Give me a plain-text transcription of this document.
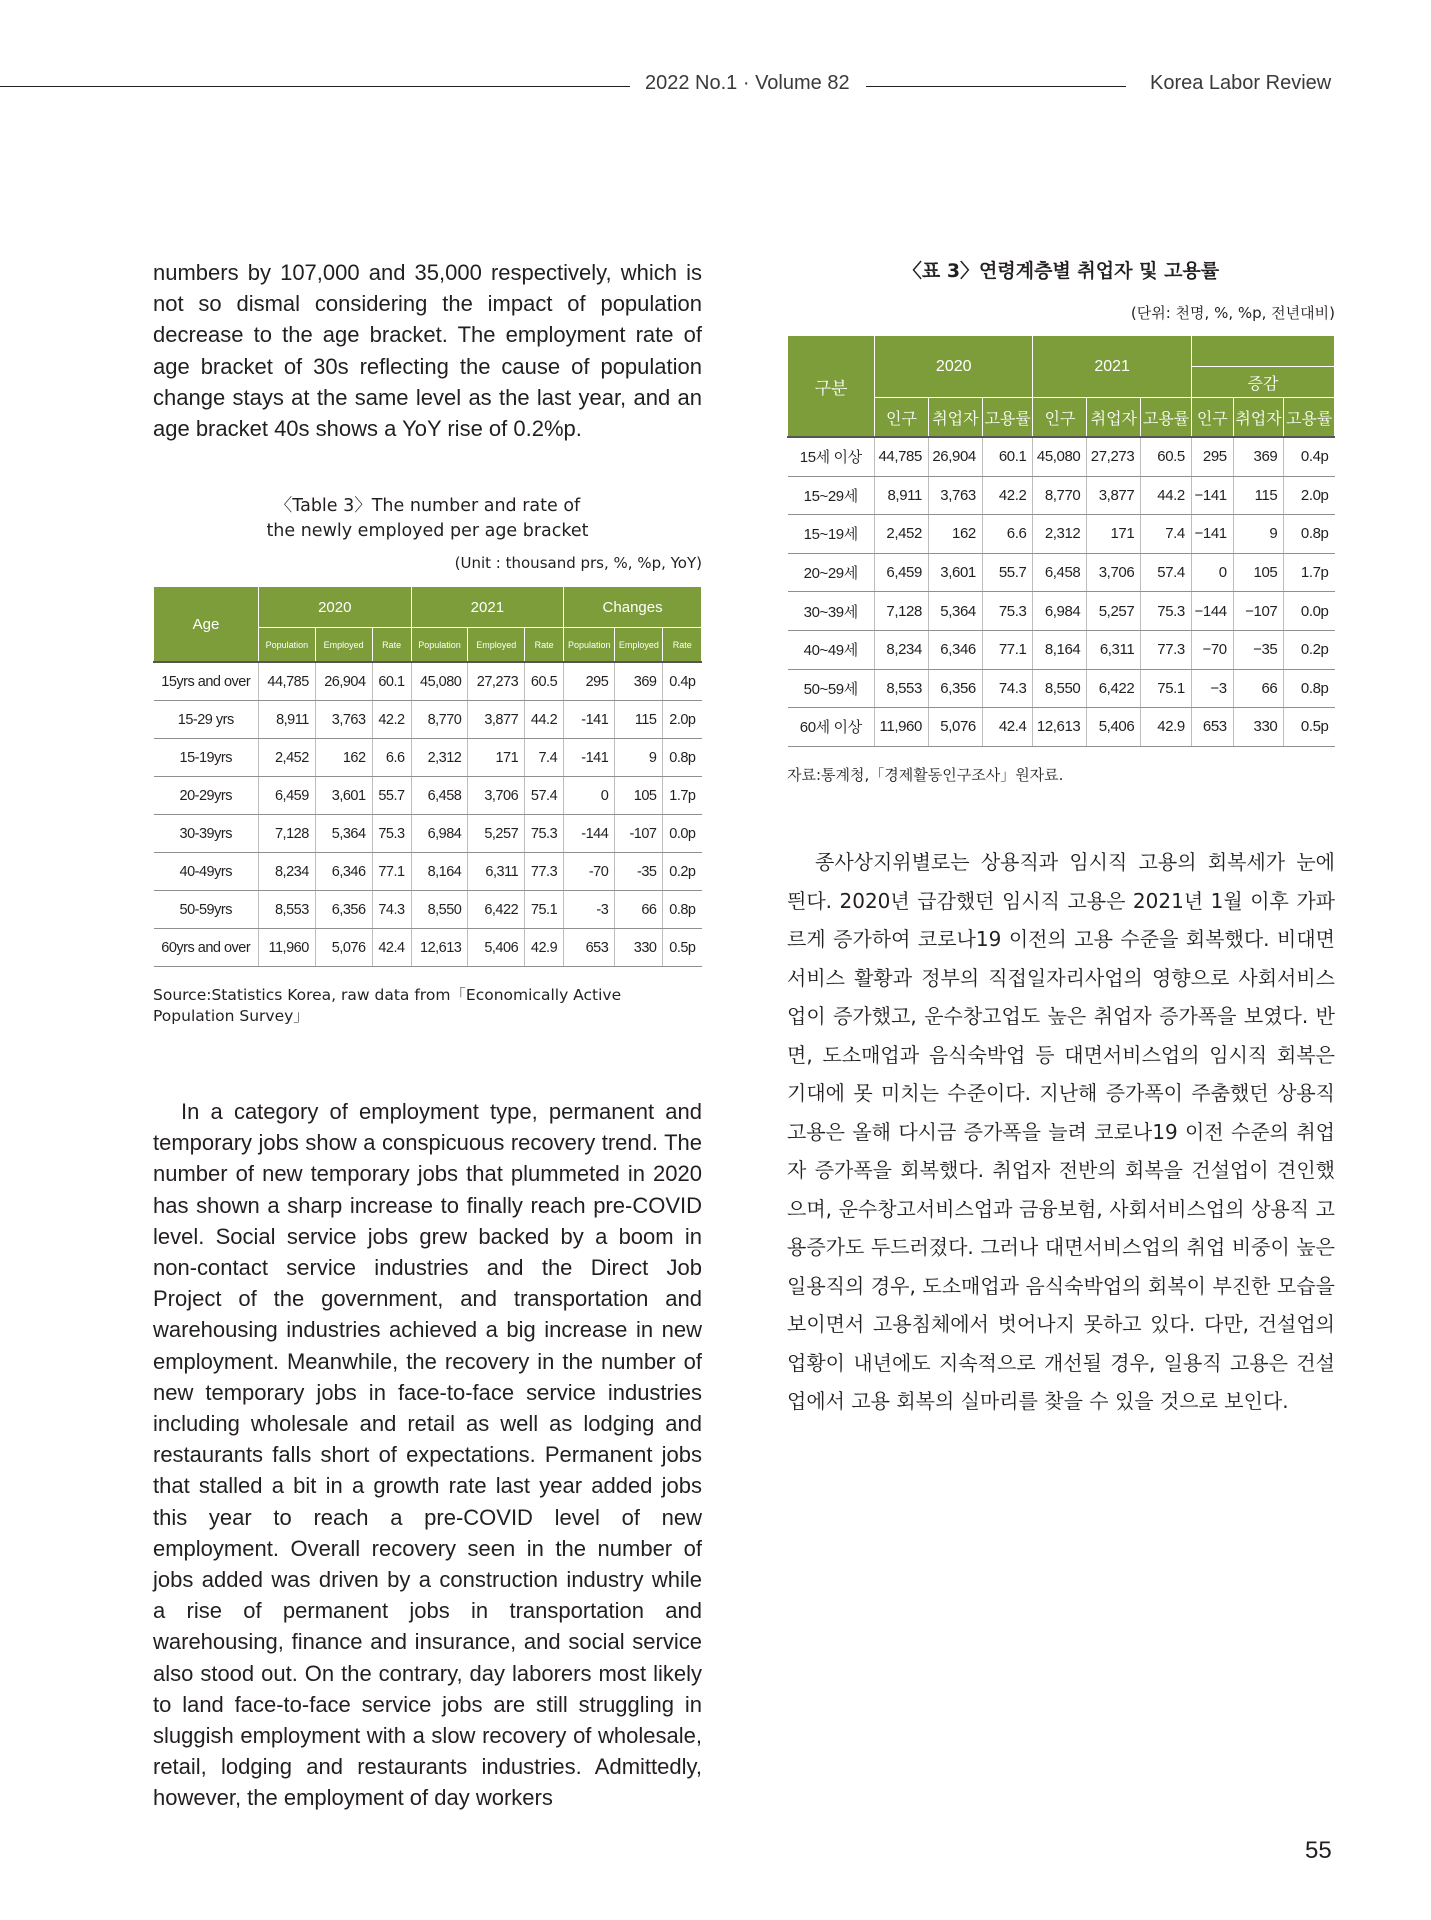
2022 No.1 · Volume 82	Korea Labor Review

numbers by 107,000 and 35,000 respectively, which is not so dismal considering the impact of population decrease to the age bracket. The employment rate of age bracket of 30s reflecting the cause of population change stays at the same level as the last year, and an age bracket 40s shows a YoY rise of 0.2%p.

〈Table 3〉The number and rate of
the newly employed per age bracket
(Unit : thousand prs, %, %p, YoY)
Age	2020			2021			Changes		
	Population	Employed	Rate	Population	Employed	Rate	Population	Employed	Rate
15yrs and over	44,785	26,904	60.1	45,080	27,273	60.5	295	369	0.4p
15-29 yrs	8,911	3,763	42.2	8,770	3,877	44.2	-141	115	2.0p
15-19yrs	2,452	162	6.6	2,312	171	7.4	-141	9	0.8p
20-29yrs	6,459	3,601	55.7	6,458	3,706	57.4	0	105	1.7p
30-39yrs	7,128	5,364	75.3	6,984	5,257	75.3	-144	-107	0.0p
40-49yrs	8,234	6,346	77.1	8,164	6,311	77.3	-70	-35	0.2p
50-59yrs	8,553	6,356	74.3	8,550	6,422	75.1	-3	66	0.8p
60yrs and over	11,960	5,076	42.4	12,613	5,406	42.9	653	330	0.5p
Source:Statistics Korea, raw data from「Economically Active Population Survey」

In a category of employment type, permanent and temporary jobs show a conspicuous recovery trend. The number of new temporary jobs that plummeted in 2020 has shown a sharp increase to finally reach pre-COVID level. Social service jobs grew backed by a boom in non-contact service industries and the Direct Job Project of the government, and transportation and warehousing industries achieved a big increase in new employment. Meanwhile, the recovery in the number of new temporary jobs in face-to-face service industries including wholesale and retail as well as lodging and restaurants falls short of expectations. Permanent jobs that stalled a bit in a growth rate last year added jobs this year to reach a pre-COVID level of new employment. Overall recovery seen in the number of jobs added was driven by a construction industry while a rise of permanent jobs in transportation and warehousing, finance and insurance, and social service also stood out. On the contrary, day laborers most likely to land face-to-face service jobs are still struggling in sluggish employment with a slow recovery of wholesale, retail, lodging and restaurants industries. Admittedly, however, the employment of day workers

〈표 3〉연령계층별 취업자 및 고용률
(단위: 천명, %, %p, 전년대비)
구분	2020			2021					
							증감		
	인구	취업자	고용률	인구	취업자	고용률	인구	취업자	고용률
15세 이상	44,785	26,904	60.1	45,080	27,273	60.5	295	369	0.4p
15~29세	8,911	3,763	42.2	8,770	3,877	44.2	−141	115	2.0p
15~19세	2,452	162	6.6	2,312	171	7.4	−141	9	0.8p
20~29세	6,459	3,601	55.7	6,458	3,706	57.4	0	105	1.7p
30~39세	7,128	5,364	75.3	6,984	5,257	75.3	−144	−107	0.0p
40~49세	8,234	6,346	77.1	8,164	6,311	77.3	−70	−35	0.2p
50~59세	8,553	6,356	74.3	8,550	6,422	75.1	−3	66	0.8p
60세 이상	11,960	5,076	42.4	12,613	5,406	42.9	653	330	0.5p
자료:통계청,「경제활동인구조사」원자료.

종사상지위별로는 상용직과 임시직 고용의 회복세가 눈에 띈다. 2020년 급감했던 임시직 고용은 2021년 1월 이후 가파르게 증가하여 코로나19 이전의 고용 수준을 회복했다. 비대면서비스 활황과 정부의 직접일자리사업의 영향으로 사회서비스업이 증가했고, 운수창고업도 높은 취업자 증가폭을 보였다. 반면, 도소매업과 음식숙박업 등 대면서비스업의 임시직 회복은 기대에 못 미치는 수준이다. 지난해 증가폭이 주춤했던 상용직 고용은 올해 다시금 증가폭을 늘려 코로나19 이전 수준의 취업자 증가폭을 회복했다. 취업자 전반의 회복을 건설업이 견인했으며, 운수창고서비스업과 금융보험, 사회서비스업의 상용직 고용증가도 두드러졌다. 그러나 대면서비스업의 취업 비중이 높은 일용직의 경우, 도소매업과 음식숙박업의 회복이 부진한 모습을 보이면서 고용침체에서 벗어나지 못하고 있다. 다만, 건설업의 업황이 내년에도 지속적으로 개선될 경우, 일용직 고용은 건설업에서 고용 회복의 실마리를 찾을 수 있을 것으로 보인다.

55
